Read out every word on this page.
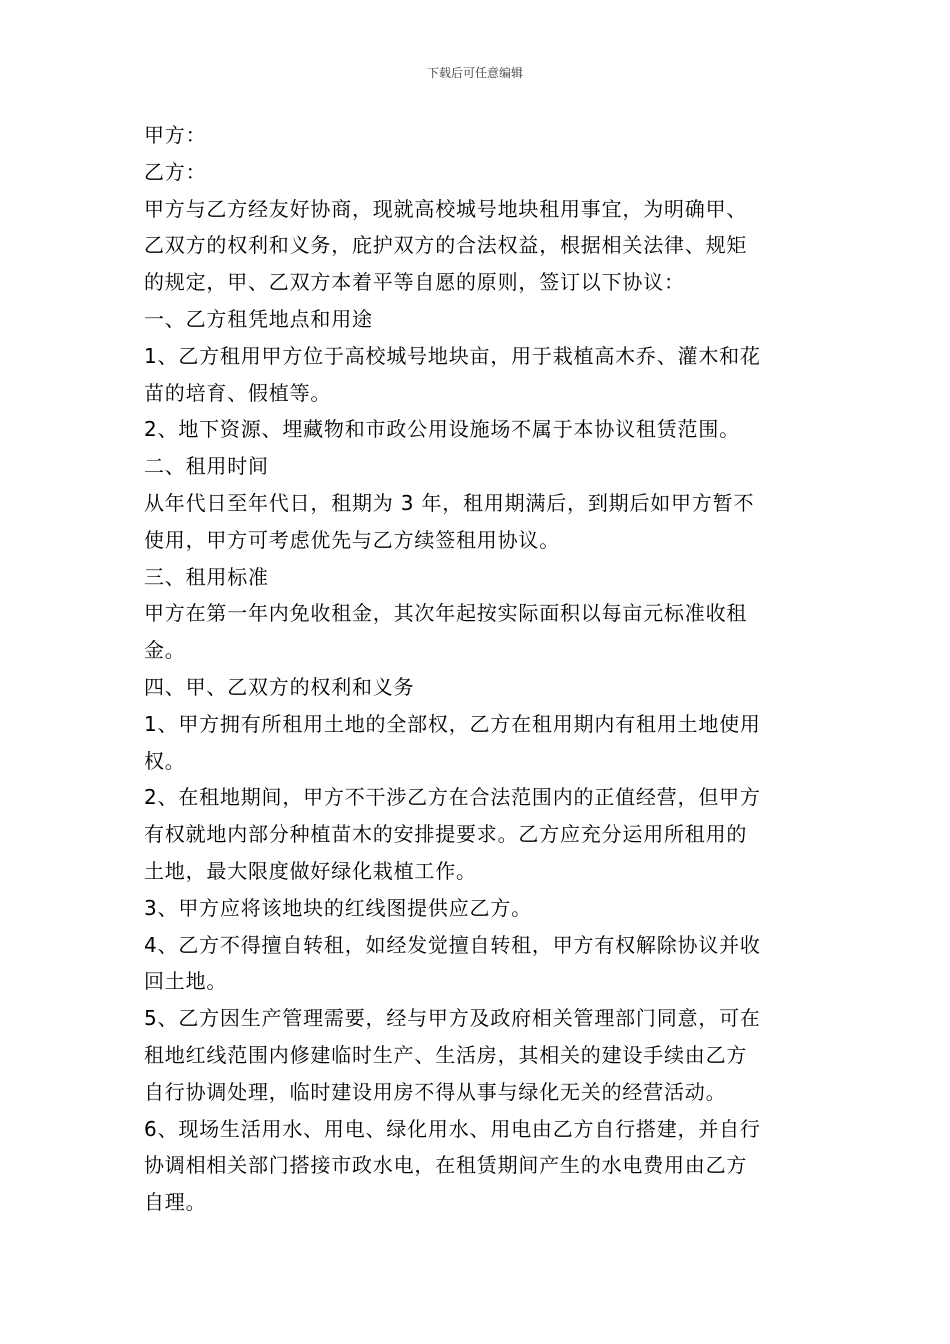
下载后可任意编辑

甲方：

乙方：

甲方与乙方经友好协商，现就高校城号地块租用事宜，为明确甲、
乙双方的权利和义务，庇护双方的合法权益，根据相关法律、规矩
的规定，甲、乙双方本着平等自愿的原则，签订以下协议：

一、乙方租凭地点和用途

1、乙方租用甲方位于高校城号地块亩，用于栽植高木乔、灌木和花
苗的培育、假植等。

2、地下资源、埋藏物和市政公用设施场不属于本协议租赁范围。

二、租用时间

从年代日至年代日，租期为 3 年，租用期满后，到期后如甲方暂不
使用，甲方可考虑优先与乙方续签租用协议。

三、租用标准

甲方在第一年内免收租金，其次年起按实际面积以每亩元标准收租
金。

四、甲、乙双方的权利和义务

1、甲方拥有所租用土地的全部权，乙方在租用期内有租用土地使用
权。

2、在租地期间，甲方不干涉乙方在合法范围内的正值经营，但甲方
有权就地内部分种植苗木的安排提要求。乙方应充分运用所租用的
土地，最大限度做好绿化栽植工作。

3、甲方应将该地块的红线图提供应乙方。

4、乙方不得擅自转租，如经发觉擅自转租，甲方有权解除协议并收
回土地。

5、乙方因生产管理需要，经与甲方及政府相关管理部门同意，可在
租地红线范围内修建临时生产、生活房，其相关的建设手续由乙方
自行协调处理，临时建设用房不得从事与绿化无关的经营活动。

6、现场生活用水、用电、绿化用水、用电由乙方自行搭建，并自行
协调相相关部门搭接市政水电，在租赁期间产生的水电费用由乙方
自理。
